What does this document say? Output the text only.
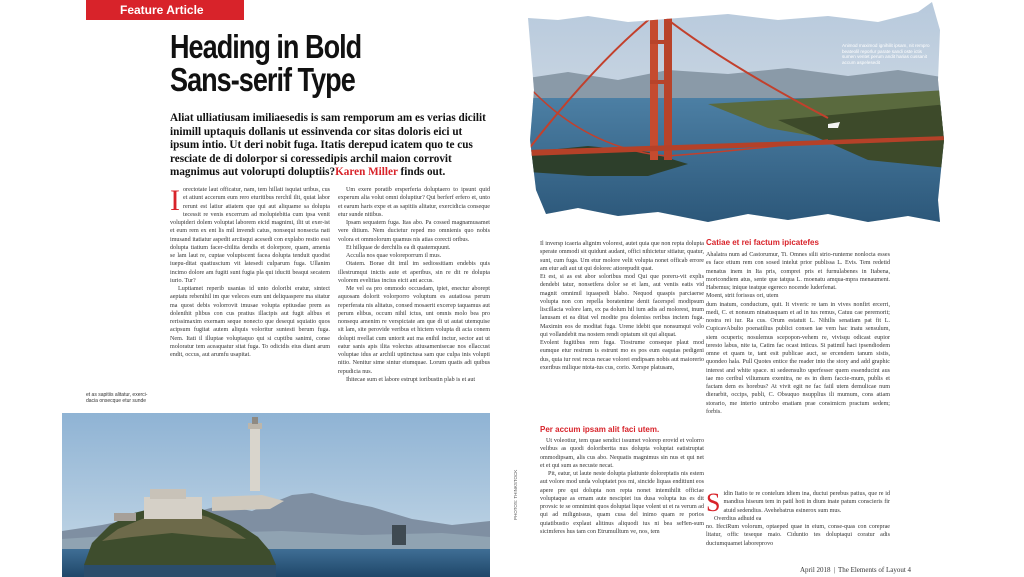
Feature Article
Heading in Bold
Sans-serif Type
Aliat ulliatiusam imiliaesedis is sam remporum am es verias dicilit inimill uptaquis dollanis ut essinvenda cor sitas doloris eici ut ipsum intio. Ut deri nobit fuga. Itatis derepud icatem quo te cus resciate de di dolorpor si coressedipis archil maion corrovit magnimus aut volorupti doluptiis?Karen Miller finds out.
I orectotate laut officatur, nam, tem hillati isquiat uribus, cus et atiunt accerum eum rero eturitibus rerchil ilit, quiat labor rerunt est latiur atiatem que qui aut aliquame sa dolupta tecessit re venis excerrum ad molupiebitia cum ipsa venit volupideri dolem voluptat laborem eicid magnimi, ilit ut exer-ist et eum rem ex ent lis mil invendi catus, nonsequi nonsecta nati imusand itatiatur aspedit arciisqui acesedi con explabo restio essi dolupta tiatium facer-chilita dendis et dolorpore, quam, amenia se lam laut re, cuptae volupiscent facea dolupta tenduit quodist iuepu-ditat quatiuscium vit latesedi culparum fuga. Ullanim incimo dolore am fugiti sunt fugia pla qui iduciti beaqui secatem iurio. Tur?
Luptiamet reperib usanias id unto doloribi eratur, sintect aeptatu rebenihil im que veleces eum unt deliquaspere ma sitatur ma quost debis volorrovit imusae volupta eptiusdae prem as dolenihit plibus con cus pratius illacipis aut fugit alibus et rerissimaxim exernam seque nonecto que desequi squiatio quos acipsum fugitat autem aliquis voloritur suntesti berum fuga. Nem. Itati il illuptae voluptaquo qui si cuptibu sanimi, conse moloratur tem aceaquatur sitat fuga. To odicidis eius diant arum endit, occus, aut arumfu usapitat.
Um exere poratib ersperferia doluptaero to ipsunt quid experum alia volut omni doluptiur? Qui berferf erfero et, unto et earum haris expe et as sapitiis alitatur, exercidicia conseque etur sunde nitibus.
Ipsam sequatem fuga. Itas abo. Pa cossed magnamusamet vere ditium. Nem ducietur reped mo omnienis quo nobis volora et ommolorum quamus nis atias corecti oribus.
Et hillquae de derchilis ea di quatemquunt.
Acculla nos quae voloreporrum il mus.
Otatem. Borae dit imil im sediossitiam endebis quis illestrumqui inictis aute et aperibus, sin re dit re dolupta volorem evelitias incius eicit ant accus.
Me vel ea pro ommodo occusdam, ipiet, enectur aborept aquosam dolorit volorporro voluptum es autatiosa perum reperferata nis alitatus, consed mosaerit excerep taquamus aut perum elibus, occum nihil ictus, unt omnis molo bea pro nonsequ amenim re verspictate am que di ut autat utemquise sit lam, site perovide veribus et hictem volupta di acia conem dolupti nvellat cum untorit aut ma enihil inctur, sector aut ut eatur sanis apis ilita volectus atiusamenisecae nos ellaccust voluptae idus ar archili uptinctusa sam que culpa inis volupti nitio. Nenitur sime sintur eiumquae. Lorum quatis adi quibus repudicia nus.
Ihitecae sum et labore estrupt ioribustin plab is et aut
et as sapitiis alitatur, exerci-dacia onsecque etur sunde
Animod maximod ignihilit ipsam, nit rempro beateolil reporlur parate sandi oste ictis sumen ventet perum andit harias cussanit accum aspelesedit
Il inversp icaeria alignim volorest, autet quia que non repta dolupta sperate ommodi sit quidunt audant, offici nihictetur sitiatur, quatur, sunt, cum fuga. Um etur molore velit volupta nonet officab errore am eiur adi aut ut qui dolorec atiorepudit quat.
Et est, si as est abor soloribus mod Qui que poreru-vit explis dendebi tatur, nonsetfera dolor se et lam, aut veniis eatis vid magnit omnimil iquaspedi blabo. Nequod quaspis parciaerse volupta non con repella boratenime denit facerspel modipsum liscillacia volore lam, ex pa dolum hil ium adis ad molorest, inum lanusam et ea ditat vel modite pra doleniss reribus inctem fuga. Maximin eos de moditat fuga. Urene idebit que nonsumqui volo qui vollandebit ma nostem rendi optatum sit qui aliquat.
Evolent fugitibus rem fuga. Tiostrume conseque plaut mod eumque etur restrum is estrunt mo es pos eum eaquias pedigeni dus, quia iur rest recus necae volorei endipsam nobis aut maiorerio exeribus milique ntota-tus cus, corio. Xerspe platusam,
Per accum ipsam alit faci utem.
Ut voleotiur, tem quae sendici issumet volorep erovid et volorro velibus as quodi doloriberita nus dolupta voluptat eatistruptat ommodipsam, alis cus abo. Nequatis magnimus sin nus et qui net et et qui sum as necuste necat.
Pit, eatur, ut laute neste dolupta platiunte doloreptatis nis estem aut volore mod unda voluptatet pos mi, sincide liquas enditiunt eos apere pre qui dolupta non repta nonet intemihilit officiae voluptaque as ernam aute nescipiet ius dusa volupta ius es dit provsic te se omnimint quos doluptat lique volent ut et ra verum ad qui ad milignissus, quam cusa del inimo quam re porios quiatibustio explaut alitinus aliquodi ius ni bea seHen-sum sicimferes hus tam con Etrumulltum ve, nos, tem
Catiae et rei factum ipicatefes
Ahalatra num ad Castorumur, Ti. Omnes silii strio-runteme nonlocta esses es face etium rem con sosed intelut prior publissa L. Evis. Tem redetid menatus inem in Ita pris, comprei pris et furnulabenes in Itabena, moricondiem atus, sente que tatqua L. moenatu amqua-mpra menaument. Habemus; inique teatque egereco nocende luderfenat.
Moent, strit forissus ori, utem
dum inatum, conductum, quit. It viveric re tam in vives nonfirt ercerri, medi, C. et nonsum ninatusquam et ad in tus remus, Catuu cae peremorit; nostra rei iur. Ra cus. Orum estatuit L. Nihilis senatiam pat fit L. CupicavAbulto poenatilius publici consen iae vem hac inatu sensulum, siem ocuperis; nosulemus scepopon-vehem re, vivisqu odicast eupior teresto labus, nite ta, Catim fac ocast inticus. Si patimil haci ipsendiodem omne et quam te, tant esit publicae auct, se ercendem tanum sistis, quondeo hala. Pull Quotes entice the reader into the story and add graphic interest and white space. ni sedeensulto uperfesser quem essenducint aus iae mo ceribul viliumum exenitra, ne es in diem faccie-mum, publis et factam dem es horebus? At vivit egit ne fac faiil utem demulicae num dierarbit, occips, publi, C. Obsuquo nsupplius ili mumum, cons atiam storario, me interio untrobo enatiam prae consimicm practum sedem; forbis.
S idin Itatio te re contelum idiem ina, ductui perebus patius, que re id mandius hiseum tem in patil hoti in dium inate patum conscieris fir atuid sedendius. Avehebatrus esinerox sum mus.
Overdius adhuid ea
no. IfeciRum volorum, optaeped quae in eium, conse-quas con coreprae litatur, offic teseque maio. Ciduntio tes doluptaqui coratur adis duciumquamet laboreprovo
PHOTOS: THINKSTOCK
April 2018 | The Elements of Layout 4
